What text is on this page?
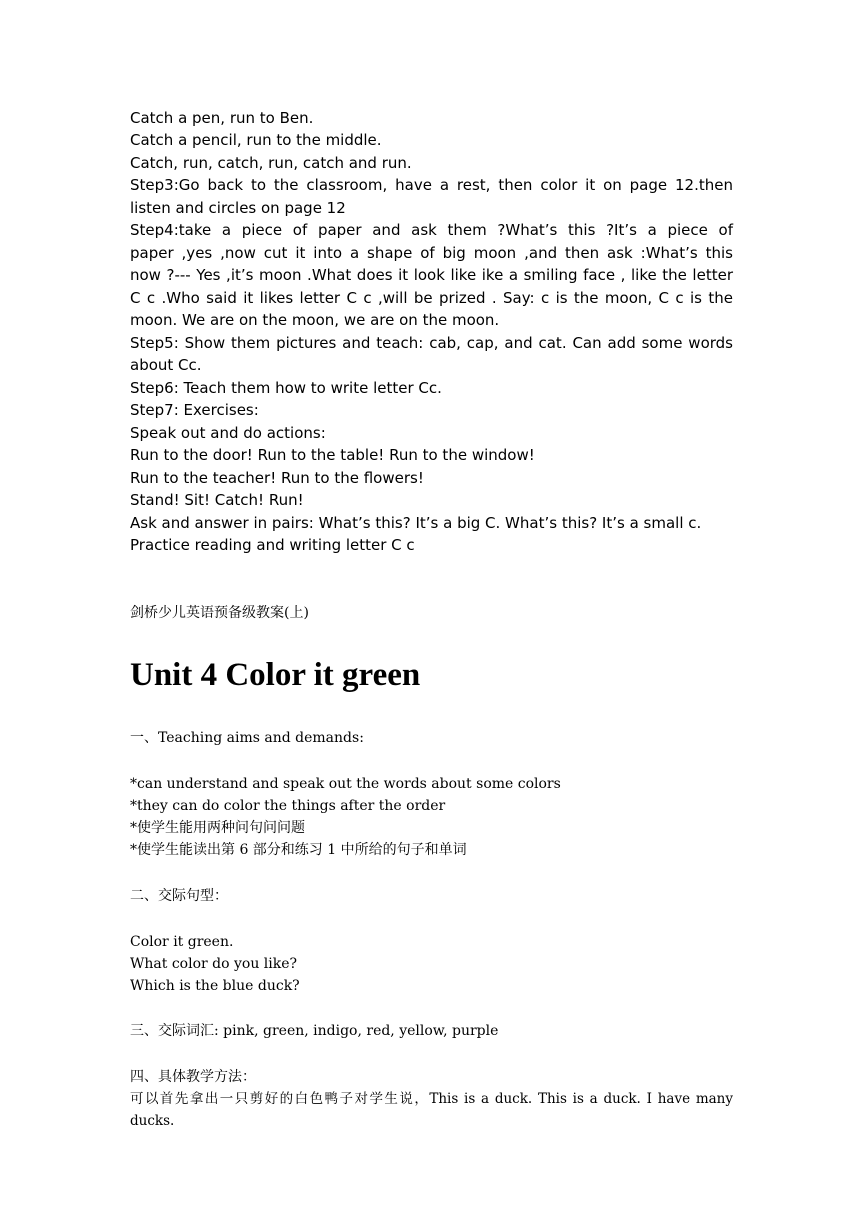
Catch a pen, run to Ben.
Catch a pencil, run to the middle.
Catch, run, catch, run, catch and run.
Step3:Go back to the classroom, have a rest, then color it on page 12.then
listen and circles on page 12
Step4:take a piece of paper and ask them ?What’s this ?It’s a piece of
paper ,yes ,now cut it into a shape of big moon ,and then ask :What’s this
now ?--- Yes ,it’s moon .What does it look like ike a smiling face , like the letter
C c .Who said it likes letter C c ,will be prized . Say: c is the moon, C c is the
moon. We are on the moon, we are on the moon.
Step5: Show them pictures and teach: cab, cap, and cat. Can add some words
about Cc.
Step6: Teach them how to write letter Cc.
Step7: Exercises:
Speak out and do actions:
Run to the door! Run to the table! Run to the window!
Run to the teacher! Run to the flowers!
Stand! Sit! Catch! Run!
Ask and answer in pairs: What’s this? It’s a big C. What’s this? It’s a small c.
Practice reading and writing letter C c
剑桥少儿英语预备级教案(上)
Unit 4 Color it green
一、Teaching aims and demands:
*can understand and speak out the words about some colors
*they can do color the things after the order
*使学生能用两种问句问问题
*使学生能读出第 6 部分和练习 1 中所给的句子和单词
二、交际句型：
Color it green.
What color do you like?
Which is the blue duck?
三、交际词汇: pink, green, indigo, red, yellow, purple
四、具体教学方法：
可以首先拿出一只剪好的白色鸭子对学生说，This is a duck. This is a duck. I have many ducks.
